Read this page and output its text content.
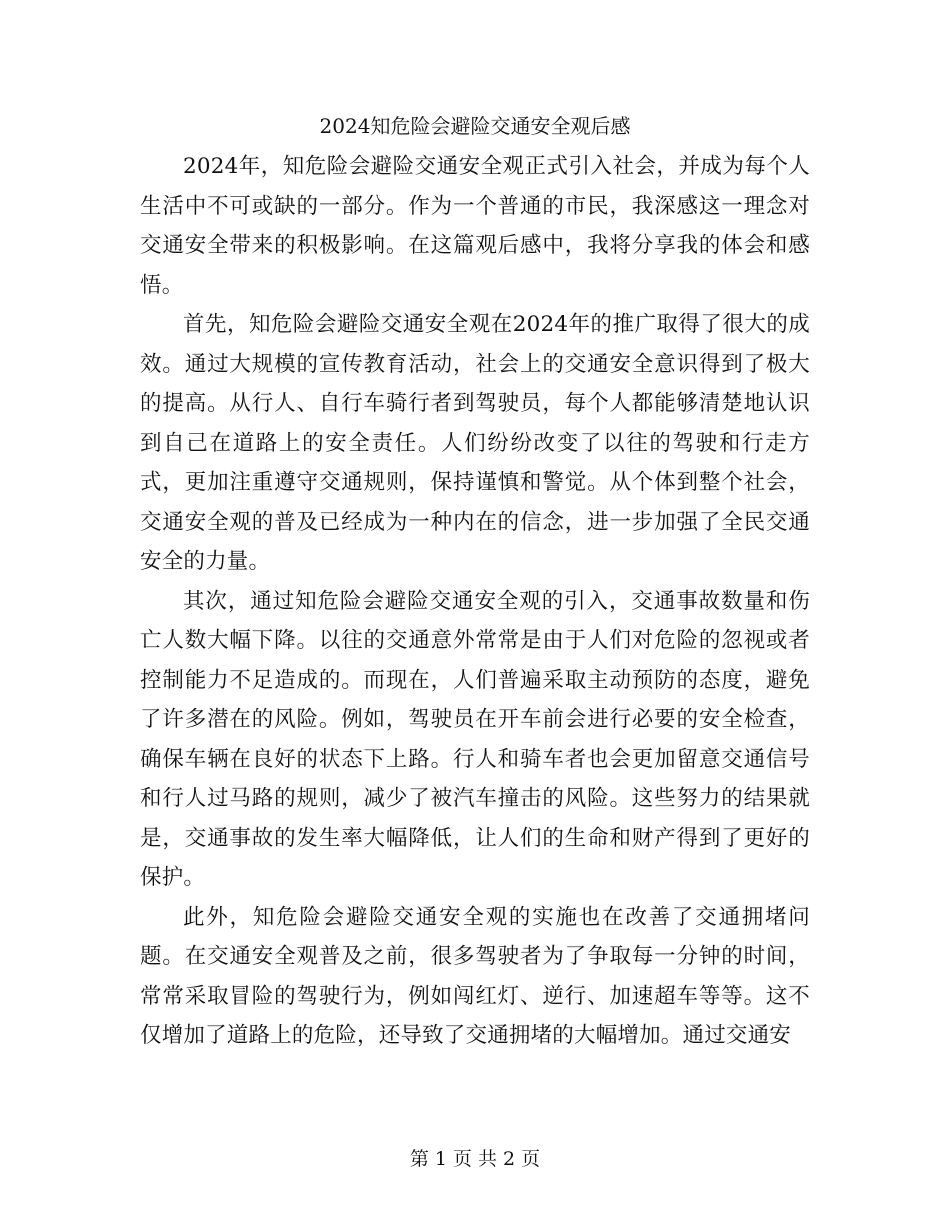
2024知危险会避险交通安全观后感

2024年，知危险会避险交通安全观正式引入社会，并成为每个人生活中不可或缺的一部分。作为一个普通的市民，我深感这一理念对交通安全带来的积极影响。在这篇观后感中，我将分享我的体会和感悟。

首先，知危险会避险交通安全观在2024年的推广取得了很大的成效。通过大规模的宣传教育活动，社会上的交通安全意识得到了极大的提高。从行人、自行车骑行者到驾驶员，每个人都能够清楚地认识到自己在道路上的安全责任。人们纷纷改变了以往的驾驶和行走方式，更加注重遵守交通规则，保持谨慎和警觉。从个体到整个社会，交通安全观的普及已经成为一种内在的信念，进一步加强了全民交通安全的力量。

其次，通过知危险会避险交通安全观的引入，交通事故数量和伤亡人数大幅下降。以往的交通意外常常是由于人们对危险的忽视或者控制能力不足造成的。而现在，人们普遍采取主动预防的态度，避免了许多潜在的风险。例如，驾驶员在开车前会进行必要的安全检查，确保车辆在良好的状态下上路。行人和骑车者也会更加留意交通信号和行人过马路的规则，减少了被汽车撞击的风险。这些努力的结果就是，交通事故的发生率大幅降低，让人们的生命和财产得到了更好的保护。

此外，知危险会避险交通安全观的实施也在改善了交通拥堵问题。在交通安全观普及之前，很多驾驶者为了争取每一分钟的时间，常常采取冒险的驾驶行为，例如闯红灯、逆行、加速超车等等。这不仅增加了道路上的危险，还导致了交通拥堵的大幅增加。通过交通安

第 1 页 共 2 页
